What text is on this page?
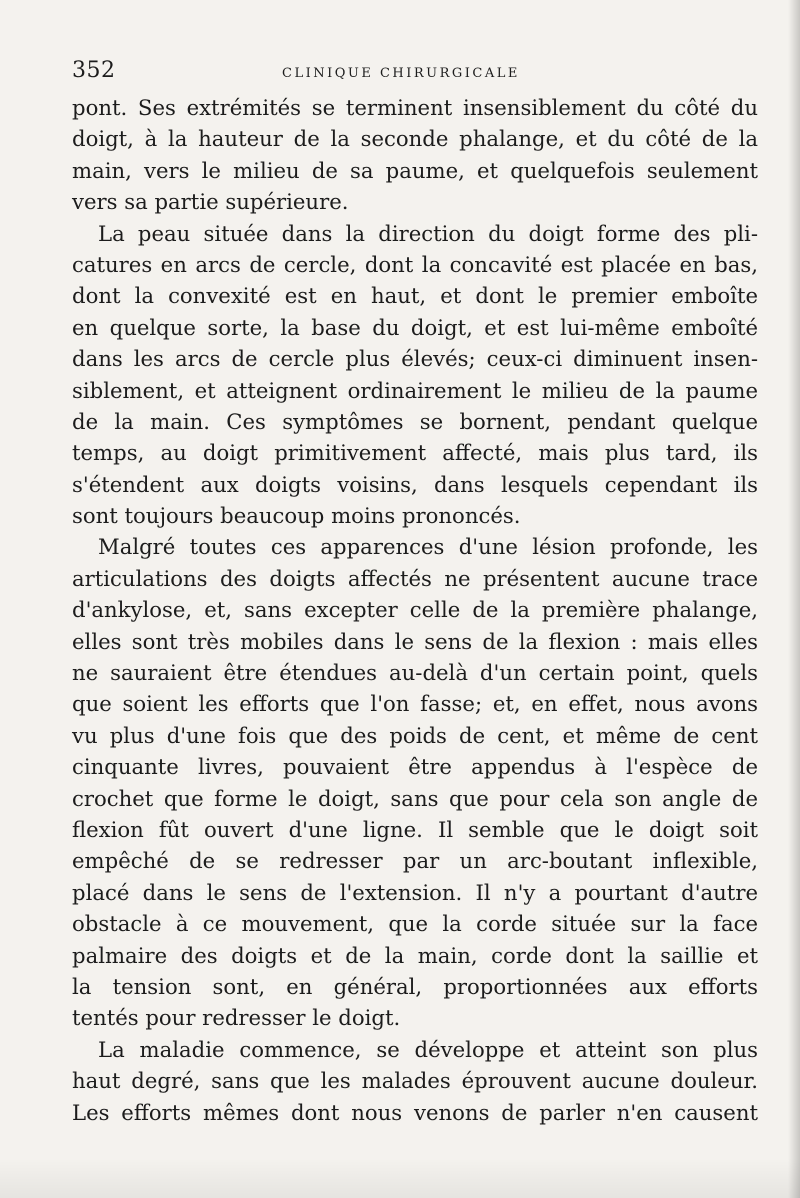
352	CLINIQUE CHIRURGICALE
pont. Ses extrémités se terminent insensiblement du côté du
doigt, à la hauteur de la seconde phalange, et du côté de la
main, vers le milieu de sa paume, et quelquefois seulement
vers sa partie supérieure.
La peau située dans la direction du doigt forme des pli-
catures en arcs de cercle, dont la concavité est placée en bas,
dont la convexité est en haut, et dont le premier emboîte
en quelque sorte, la base du doigt, et est lui-même emboîté
dans les arcs de cercle plus élevés; ceux-ci diminuent insen-
siblement, et atteignent ordinairement le milieu de la paume
de la main. Ces symptômes se bornent, pendant quelque
temps, au doigt primitivement affecté, mais plus tard, ils
s'étendent aux doigts voisins, dans lesquels cependant ils
sont toujours beaucoup moins prononcés.
Malgré toutes ces apparences d'une lésion profonde, les
articulations des doigts affectés ne présentent aucune trace
d'ankylose, et, sans excepter celle de la première phalange,
elles sont très mobiles dans le sens de la flexion : mais elles
ne sauraient être étendues au-delà d'un certain point, quels
que soient les efforts que l'on fasse; et, en effet, nous avons
vu plus d'une fois que des poids de cent, et même de cent
cinquante livres, pouvaient être appendus à l'espèce de
crochet que forme le doigt, sans que pour cela son angle de
flexion fût ouvert d'une ligne. Il semble que le doigt soit
empêché de se redresser par un arc-boutant inflexible,
placé dans le sens de l'extension. Il n'y a pourtant d'autre
obstacle à ce mouvement, que la corde située sur la face
palmaire des doigts et de la main, corde dont la saillie et
la tension sont, en général, proportionnées aux efforts
tentés pour redresser le doigt.
La maladie commence, se développe et atteint son plus
haut degré, sans que les malades éprouvent aucune douleur.
Les efforts mêmes dont nous venons de parler n'en causent
